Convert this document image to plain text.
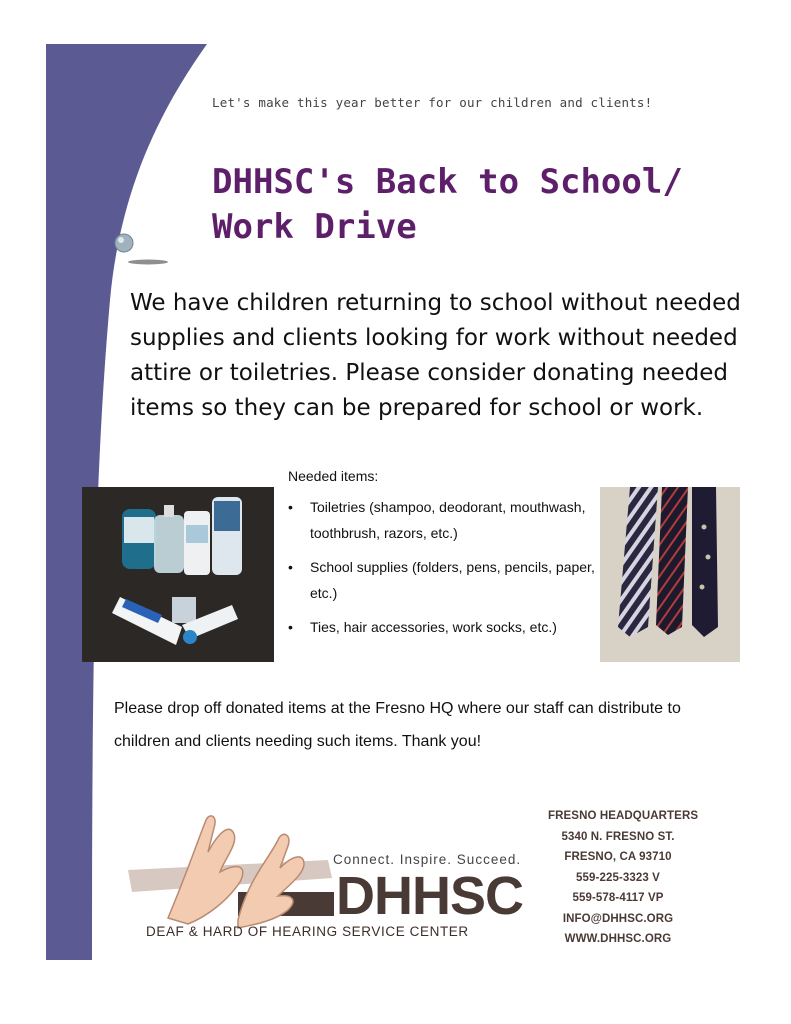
Let's make this year better for our children and clients!
DHHSC's Back to School/
Work Drive
We have children returning to school without needed supplies and clients looking for work without needed attire or toiletries. Please consider donating needed items so they can be prepared for school or work.
Needed items:
• Toiletries (shampoo, deodorant, mouthwash, toothbrush, razors, etc.)
• School supplies (folders, pens, pencils, paper, etc.)
• Ties, hair accessories, work socks, etc.)
Please drop off donated items at the Fresno HQ where our staff can distribute to children and clients needing such items. Thank you!
Connect. Inspire. Succeed.
DHHSC
DEAF & HARD OF HEARING SERVICE CENTER
FRESNO HEADQUARTERS
5340 N. FRESNO ST.
FRESNO, CA 93710
559-225-3323 V
559-578-4117 VP
INFO@DHHSC.ORG
WWW.DHHSC.ORG
